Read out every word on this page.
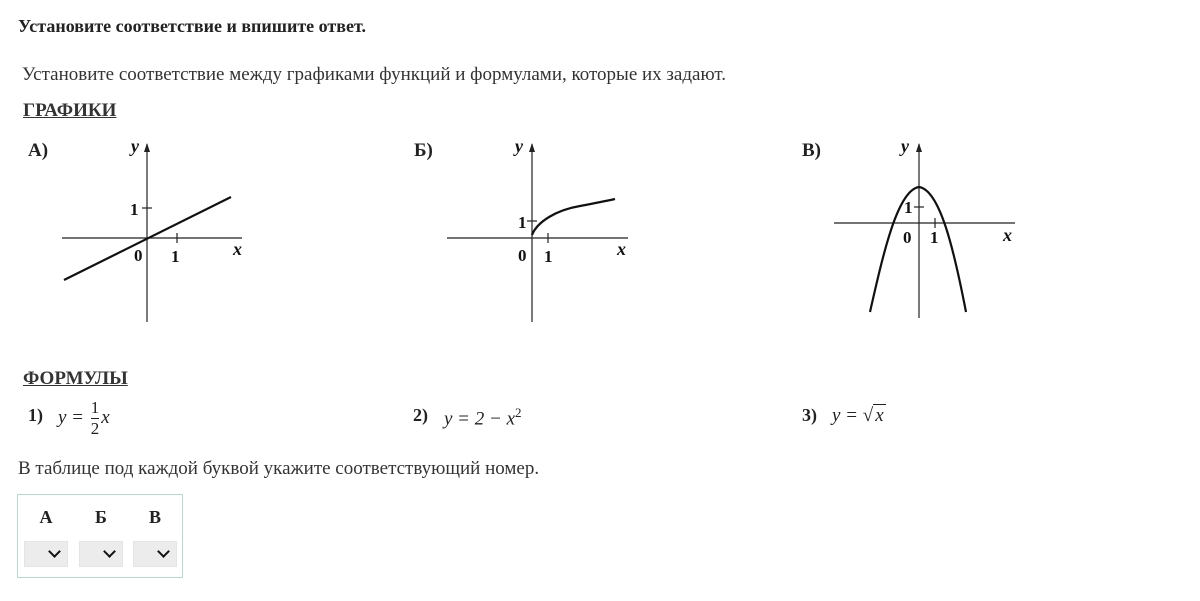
Установите соответствие и впишите ответ.
Установите соответствие между графиками функций и формулами, которые их задают.
ГРАФИКИ
А)	y
x
0 1
1
Б)	y
x
0 1
1
В)	y
x
0 1
1
ФОРМУЛЫ
1) $y = \frac{1}{2}$ x	2) $y = 2 - x^2$	3) y = √ x
В таблице под каждой буквой укажите соответствующий номер.
А	Б	В
